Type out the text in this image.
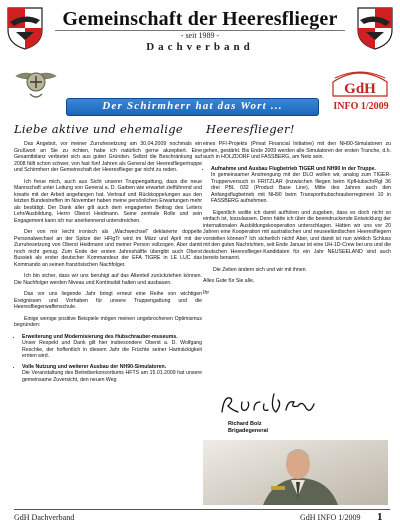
Gemeinschaft der Heeresflieger
- seit 1989 -
Dachverband
Der Schirmherr hat das Wort ...
GdH
INFO 1/2009
Liebe aktive und ehemalige Heeresflieger!

Das Angebot, vor meiner Zurruhesetzung am 30.04.2009 nochmals ein Grußwort an Sie zu richten, habe ich natürlich gerne akzeptiert. Eine Gesamtbilanz verbietet sich aus guten Gründen. Selbst die Beschränkung auf 2008 fällt schon schwer, von fast fünf Jahren als General der Heeresfliegertruppe und Schirmherr der Gemeinschaft der Heeresflieger gar nicht zu reden.

Ich freue mich, auch aus Sicht unserer Truppengattung, dass die neue Mannschaft unter Leitung von General a. D. Garben wie erwartet zielführend und kreativ mit der Arbeit angefangen hat. Vertrauf und Rückkoppelungen aus den letzten Bundestreffen im November haben meine persönlichen Erwartungen mehr als bestätigt. Der Dank aller gilt auch dem engagierten Beitrag des Leiters Lehr/Ausbildung, Herrn Oberst Heidmann. Seine zentrale Rolle und sein Engagement kann ich nur anerkennend unterstreichen.

Der von mir leicht ironisch als „Wachwechsel“ deklarierte doppelte Personalwechsel an der Spitze der HFlgTr wird im März und April mit der Zurruhesetzung von Oberst Heidmann und meiner Person vollzogen. Aber damit noch nicht genug. Zum Ende der ersten Jahreshälfte übergibt auch Oberst Bussiek als erster deutscher Kommandeur der EFA TIGRE in LE LUC das Kommando an seinen französischen Nachfolger.

Ich bin sicher, dass wir uns beruhigt auf das Altenteil zurückziehen können. Die Nachfolger werden Niveau und Kontinuität halten und ausbauen.

Das vor uns liegende Jahr bringt erneut eine Reihe von wichtigen Ereignissen und Vorhaben für unsere Truppengattung und die Heeresfliegerwaffenschule.

Einige wenige positive Beispiele mögen meinen ungebrochenen Optimismus begründen:

• Erweiterung und Modernisierung des Hubschrauber-museums.
Unser Respekt und Dank gilt hier insbesondere Oberst a. D. Wolfgang Reschke, der hoffentlich in diesem Jahr die Früchte seiner Hartnäckigkeit ernten wird.
• Volle Nutzung und weiterer Ausbau der NH90-Simulatoren.
Die Veranstaltung des Betreiberkonsortiums HFTS am 15.01.2009 hat unsere gemeinsame Zuversicht, den neuen Weg

eines PFI-Projekts (Privat Financial Initiative) mit den NH90-Simulatoren zu gehen, gestärkt. Bis Ende 2009 werden alle Simulatoren der ersten Tranche, d.h. auch in HOLZDORF und FASSBERG, am Netz sein.

• Aufnahme und Ausbau Flugbetrieb TIGER und NH90 in der Truppe.
In gemeinsamer Anstrengung mit der DLO wollen wir, analog zum TIGER-Truppenversuch in FRITZLAR (inzwischen fliegen beim KpfHubschrRgt 36 drei PBL 032 (Product Base Line), Mitte des Jahres auch den Anfangsflugbetrieb mit NH90 beim Transporthubschrauberregiment 10 in FASSBERG aufnehmen.

Eigentlich wollte ich damit aufhören und zugeben, dass es doch nicht so einfach ist, loszulassen. Denn hätte ich über die beeindruckende Entwicklung der internationalen Ausbildungskooperation unterschlagen. Hätten wir uns vor 20 Jahren eine Kooperation mit australischen und neuseeländischen Heeresfliegern vorstellen können? Ich sicherlich nicht! Aber, und damit ist nun wirklich Schluss mit den guten Nachrichten, seit Ende Januar ist eine UH-1D-Crew bei uns und die deutschen Heeresflieger-Kandidaten für ein Jahr NEUSEELAND sind auch bereits benannt.

Die Zeiten ändern sich und wir mit ihnen.

Alles Gute für Sie alle,

Ihr

Richard Bolz
Brigadegeneral
GdH Dachverband	GdH INFO 1/2009 1
